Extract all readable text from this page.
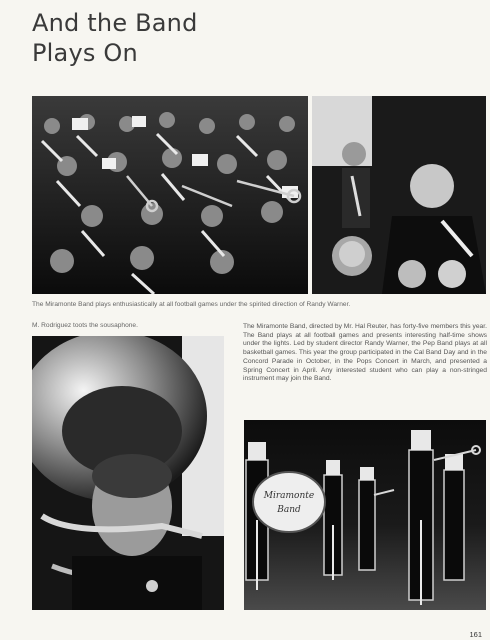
And the Band
Plays On
The Miramonte Band plays enthusiastically at all football games under the spirited direction of Randy Warner.
M. Rodriguez toots the sousaphone.	The Miramonte Band, directed by Mr. Hal Reuter, has forty-five members this year. The Band plays at all football games and presents interesting half-time shows under the lights. Led by student director Randy Warner, the Pep Band plays at all basketball games. This year the group participated in the Cal Band Day and in the Concord Parade in October, in the Pops Concert in March, and presented a Spring Concert in April. Any interested student who can play a non-stringed instrument may join the Band.
Miramonte
Band
161
